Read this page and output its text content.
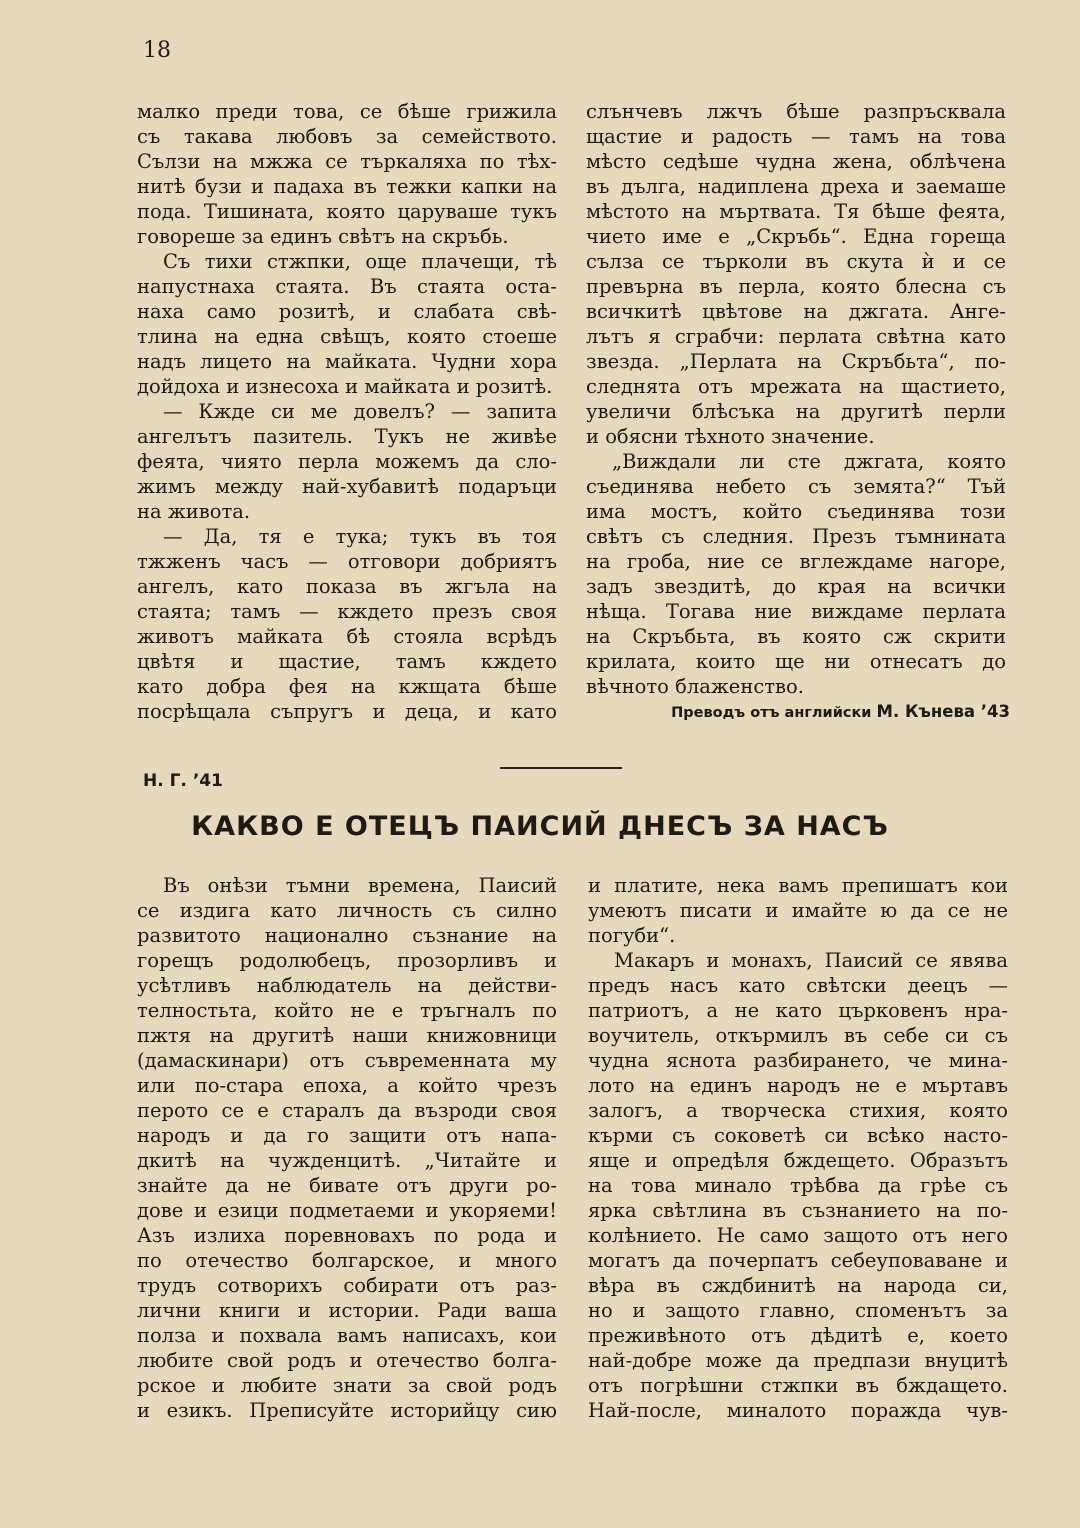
18

малко преди това, се бѣше грижила

съ такава любовъ за семейството.

Сълзи на мжжа се търкаляха по тѣх-

нитѣ бузи и падаха въ тежки капки на

пода. Тишината, която царуваше тукъ

говореше за единъ свѣтъ на скръбь.

Съ тихи стжпки, още плачещи, тѣ

напустнаха стаята. Въ стаята оста-

наха само розитѣ, и слабата свѣ-

тлина на една свѣщъ, която стоеше

надъ лицето на майката. Чудни хора

дойдоха и изнесоха и майката и розитѣ.

— Кжде си ме довелъ? — запита

ангелътъ пазитель. Тукъ не живѣе

феята, чиято перла можемъ да сло-

жимъ между най-хубавитѣ подаръци

на живота.

— Да, тя е тука; тукъ въ тоя

тжженъ часъ — отговори добриятъ

ангелъ, като показа въ жгъла на

стаята; тамъ — кждето презъ своя

животъ майката бѣ стояла всрѣдъ

цвѣтя и щастие, тамъ кждето

като добра фея на кжщата бѣше

посрѣщала съпругъ и деца, и като

слънчевъ лжчъ бѣше разпръсквала

щастие и радость — тамъ на това

мѣсто седѣше чудна жена, облѣчена

въ дълга, надиплена дреха и заемаше

мѣстото на мъртвата. Тя бѣше феята,

чието име е „Скръбь“. Една гореща

сълза се търколи въ скута ѝ и се

превърна въ перла, която блесна съ

всичкитѣ цвѣтове на джгата. Анге-

лътъ я сграбчи: перлата свѣтна като

звезда. „Перлата на Скръбьта“, по-

следнята отъ мрежата на щастието,

увеличи блѣсъка на другитѣ перли

и обясни тѣхното значение.

„Виждали ли сте джгата, която

съединява небето съ земята?“ Тъй

има мостъ, който съединява този

свѣтъ съ следния. Презъ тъмнината

на гроба, ние се вглеждаме нагоре,

задъ звездитѣ, до края на всички

нѣща. Тогава ние виждаме перлата

на Скръбьта, въ която сж скрити

крилата, които ще ни отнесатъ до

вѣчното блаженство.

Преводъ отъ английски М. Кънева ’43
Н. Г. ’41
КАКВО Е ОТЕЦЪ ПАИСИЙ ДНЕСЪ ЗА НАСЪ

Въ онѣзи тъмни времена, Паисий

се издига като личность съ силно

развитото национално съзнание на

горещъ родолюбецъ, прозорливъ и

усѣтливъ наблюдатель на действи-

телностьта, който не е тръгналъ по

пжтя на другитѣ наши книжовници

(дамаскинари) отъ съвременната му

или по-стара епоха, а който чрезъ

перото се е старалъ да възроди своя

народъ и да го защити отъ напа-

дкитѣ на чужденцитѣ. „Читайте и

знайте да не бивате отъ други ро-

дове и езици подметаеми и укоряеми!

Азъ излиха поревновахъ по рода и

по отечество болгарское, и много

трудъ сотворихъ собирати отъ раз-

лични книги и истории. Ради ваша

полза и похвала вамъ написахъ, кои

любите свой родъ и отечество болга-

рское и любите знати за свой родъ

и езикъ. Преписуйте историйцу сию

и платите, нека вамъ препишатъ кои

умеютъ писати и имайте ю да се не

погуби“.

Макаръ и монахъ, Паисий се явява

предъ насъ като свѣтски деецъ —

патриотъ, а не като църковенъ нра-

воучитель, откърмилъ въ себе си съ

чудна яснота разбирането, че мина-

лото на единъ народъ не е мъртавъ

залогъ, а творческа стихия, която

кърми съ соковетѣ си всѣко насто-

яще и опредѣля бждещето. Образътъ

на това минало трѣбва да грѣе съ

ярка свѣтлина въ съзнанието на по-

колѣнието. Не само защото отъ него

могатъ да почерпатъ себеуповаване и

вѣра въ сждбинитѣ на народа си,

но и защото главно, споменътъ за

преживѣното отъ дѣдитѣ е, което

най-добре може да предпази внуцитѣ

отъ погрѣшни стжпки въ бждащето.

Най-после, миналото поражда чув-
